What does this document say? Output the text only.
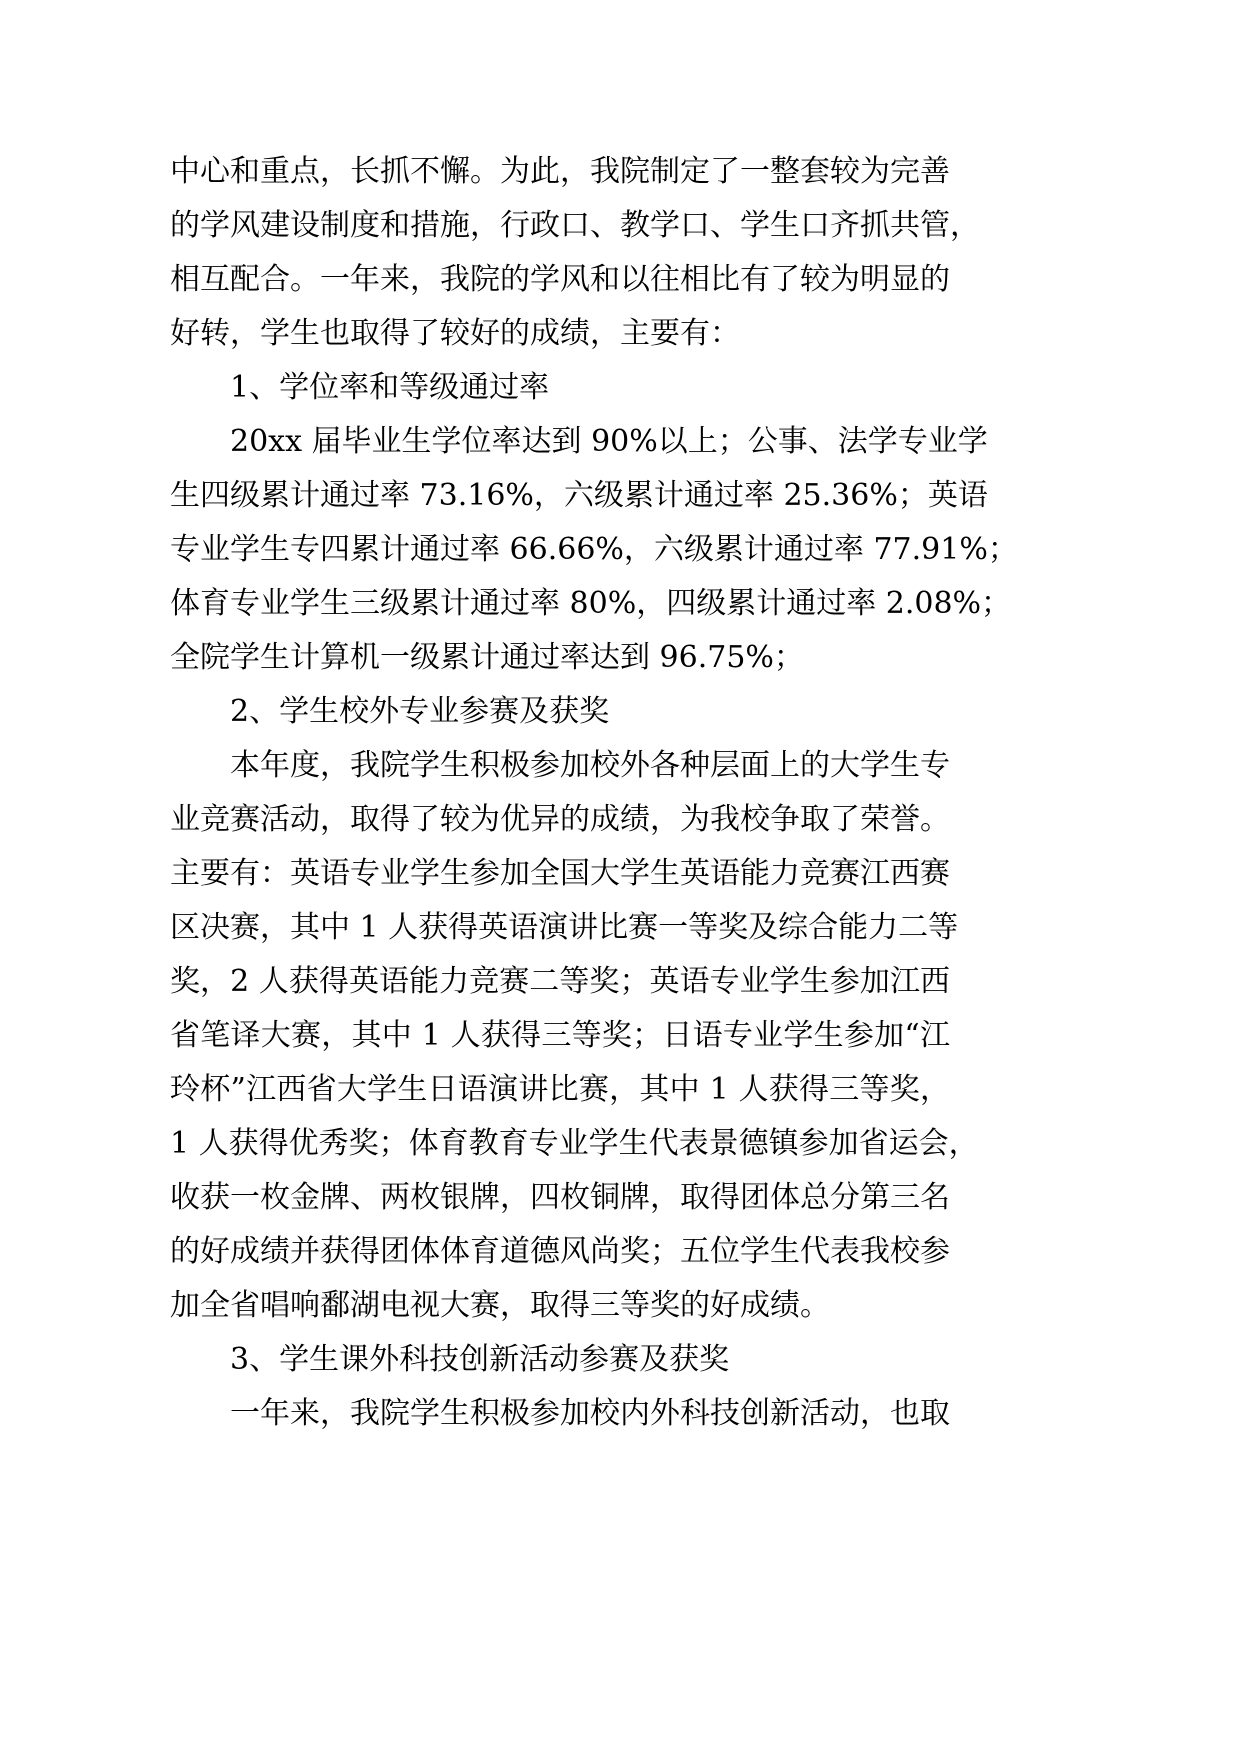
中心和重点，长抓不懈。为此，我院制定了一整套较为完善
的学风建设制度和措施，行政口、教学口、学生口齐抓共管，
相互配合。一年来，我院的学风和以往相比有了较为明显的
好转，学生也取得了较好的成绩，主要有：
1、学位率和等级通过率
20xx 届毕业生学位率达到 90%以上；公事、法学专业学
生四级累计通过率 73.16%，六级累计通过率 25.36%；英语
专业学生专四累计通过率 66.66%，六级累计通过率 77.91%；
体育专业学生三级累计通过率 80%，四级累计通过率 2.08%；
全院学生计算机一级累计通过率达到 96.75%；
2、学生校外专业参赛及获奖
本年度，我院学生积极参加校外各种层面上的大学生专
业竞赛活动，取得了较为优异的成绩，为我校争取了荣誉。
主要有：英语专业学生参加全国大学生英语能力竞赛江西赛
区决赛，其中 1 人获得英语演讲比赛一等奖及综合能力二等
奖，2 人获得英语能力竞赛二等奖；英语专业学生参加江西
省笔译大赛，其中 1 人获得三等奖；日语专业学生参加“江
玲杯”江西省大学生日语演讲比赛，其中 1 人获得三等奖，
1 人获得优秀奖；体育教育专业学生代表景德镇参加省运会，
收获一枚金牌、两枚银牌，四枚铜牌，取得团体总分第三名
的好成绩并获得团体体育道德风尚奖；五位学生代表我校参
加全省唱响鄱湖电视大赛，取得三等奖的好成绩。
3、学生课外科技创新活动参赛及获奖
一年来，我院学生积极参加校内外科技创新活动，也取
